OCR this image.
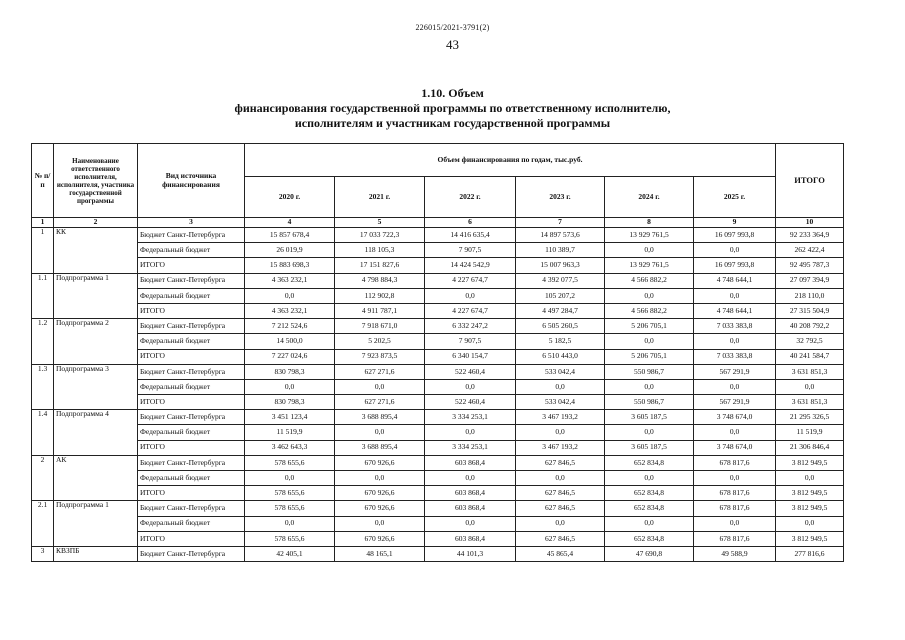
226015/2021-3791(2)
43
1.10. Объем
финансирования государственной программы по ответственному исполнителю,
исполнителям и участникам государственной программы
№ п/п	Наименование ответственного исполнителя, исполнителя, участника государственной программы	Вид источника финансирования	Объем финансирования по годам, тыс.руб.						ИТОГО
			2020 г.	2021 г.	2022 г.	2023 г.	2024 г.	2025 г.	
1	2	3	4	5	6	7	8	9	10
1	КК	Бюджет Санкт-Петербурга	15 857 678,4	17 033 722,3	14 416 635,4	14 897 573,6	13 929 761,5	16 097 993,8	92 233 364,9
		Федеральный бюджет	26 019,9	118 105,3	7 907,5	110 389,7	0,0	0,0	262 422,4
		ИТОГО	15 883 698,3	17 151 827,6	14 424 542,9	15 007 963,3	13 929 761,5	16 097 993,8	92 495 787,3
1.1	Подпрограмма 1	Бюджет Санкт-Петербурга	4 363 232,1	4 798 884,3	4 227 674,7	4 392 077,5	4 566 882,2	4 748 644,1	27 097 394,9
		Федеральный бюджет	0,0	112 902,8	0,0	105 207,2	0,0	0,0	218 110,0
		ИТОГО	4 363 232,1	4 911 787,1	4 227 674,7	4 497 284,7	4 566 882,2	4 748 644,1	27 315 504,9
1.2	Подпрограмма 2	Бюджет Санкт-Петербурга	7 212 524,6	7 918 671,0	6 332 247,2	6 505 260,5	5 206 705,1	7 033 383,8	40 208 792,2
		Федеральный бюджет	14 500,0	5 202,5	7 907,5	5 182,5	0,0	0,0	32 792,5
		ИТОГО	7 227 024,6	7 923 873,5	6 340 154,7	6 510 443,0	5 206 705,1	7 033 383,8	40 241 584,7
1.3	Подпрограмма 3	Бюджет Санкт-Петербурга	830 798,3	627 271,6	522 460,4	533 042,4	550 986,7	567 291,9	3 631 851,3
		Федеральный бюджет	0,0	0,0	0,0	0,0	0,0	0,0	0,0
		ИТОГО	830 798,3	627 271,6	522 460,4	533 042,4	550 986,7	567 291,9	3 631 851,3
1.4	Подпрограмма 4	Бюджет Санкт-Петербурга	3 451 123,4	3 688 895,4	3 334 253,1	3 467 193,2	3 605 187,5	3 748 674,0	21 295 326,5
		Федеральный бюджет	11 519,9	0,0	0,0	0,0	0,0	0,0	11 519,9
		ИТОГО	3 462 643,3	3 688 895,4	3 334 253,1	3 467 193,2	3 605 187,5	3 748 674,0	21 306 846,4
2	АК	Бюджет Санкт-Петербурга	578 655,6	670 926,6	603 868,4	627 846,5	652 834,8	678 817,6	3 812 949,5
		Федеральный бюджет	0,0	0,0	0,0	0,0	0,0	0,0	0,0
		ИТОГО	578 655,6	670 926,6	603 868,4	627 846,5	652 834,8	678 817,6	3 812 949,5
2.1	Подпрограмма 1	Бюджет Санкт-Петербурга	578 655,6	670 926,6	603 868,4	627 846,5	652 834,8	678 817,6	3 812 949,5
		Федеральный бюджет	0,0	0,0	0,0	0,0	0,0	0,0	0,0
		ИТОГО	578 655,6	670 926,6	603 868,4	627 846,5	652 834,8	678 817,6	3 812 949,5
3	КВЗПБ	Бюджет Санкт-Петербурга	42 405,1	48 165,1	44 101,3	45 865,4	47 690,8	49 588,9	277 816,6
